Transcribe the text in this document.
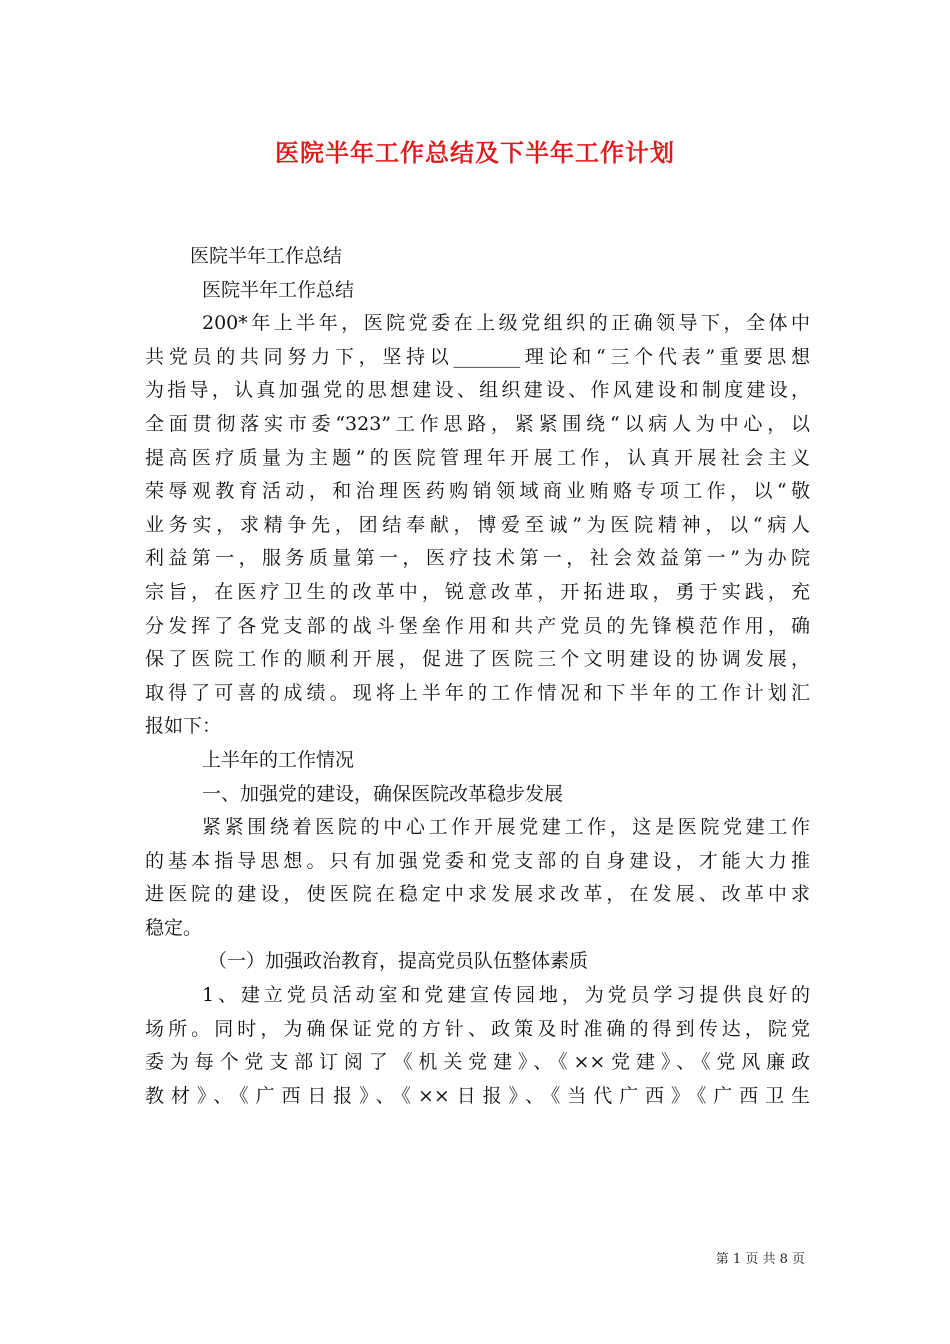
医院半年工作总结及下半年工作计划
医院半年工作总结
医院半年工作总结
200*年上半年，医院党委在上级党组织的正确领导下，全体中
共党员的共同努力下，坚持以_______理论和“三个代表”重要思想
为指导，认真加强党的思想建设、组织建设、作风建设和制度建设，
全面贯彻落实市委“323”工作思路，紧紧围绕“以病人为中心，以
提高医疗质量为主题”的医院管理年开展工作，认真开展社会主义
荣辱观教育活动，和治理医药购销领域商业贿赂专项工作，以“敬
业务实，求精争先，团结奉献，博爱至诚”为医院精神，以“病人
利益第一，服务质量第一，医疗技术第一，社会效益第一”为办院
宗旨，在医疗卫生的改革中，锐意改革，开拓进取，勇于实践，充
分发挥了各党支部的战斗堡垒作用和共产党员的先锋模范作用，确
保了医院工作的顺利开展，促进了医院三个文明建设的协调发展，
取得了可喜的成绩。现将上半年的工作情况和下半年的工作计划汇
报如下：
上半年的工作情况
一、加强党的建设，确保医院改革稳步发展
紧紧围绕着医院的中心工作开展党建工作，这是医院党建工作
的基本指导思想。只有加强党委和党支部的自身建设，才能大力推
进医院的建设，使医院在稳定中求发展求改革，在发展、改革中求
稳定。
（一）加强政治教育，提高党员队伍整体素质
1、建立党员活动室和党建宣传园地，为党员学习提供良好的
场所。同时，为确保证党的方针、政策及时准确的得到传达，院党
委为每个党支部订阅了《机关党建》、《××党建》、《党风廉政
教材》、《广西日报》、《××日报》、《当代广西》《广西卫生
第 1 页 共 8 页
